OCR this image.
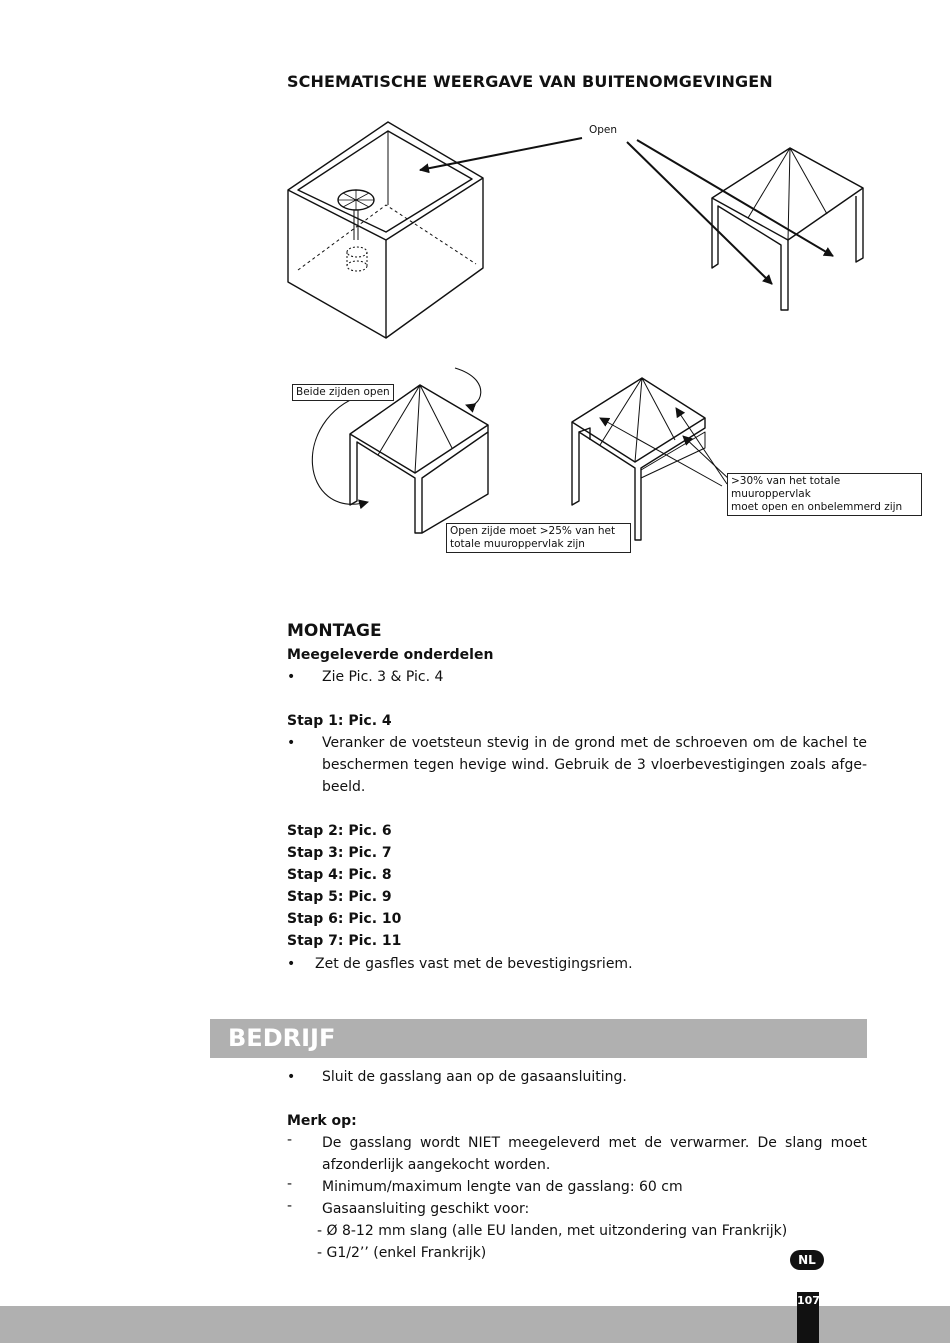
SCHEMATISCHE WEERGAVE VAN BUITENOMGEVINGEN
Open
Beide zijden open
Open zijde moet >25% van het
totale muuroppervlak zijn
>30% van het totale muuroppervlak
moet open en onbelemmerd zijn
MONTAGE
Meegeleverde onderdelen
• Zie Pic. 3 & Pic. 4
Stap 1: Pic. 4
• Veranker de voetsteun stevig in de grond met de schroeven om de kachel te
beschermen tegen hevige wind. Gebruik de 3 vloerbevestigingen zoals afge-
beeld.
Stap 2: Pic. 6
Stap 3: Pic. 7
Stap 4: Pic. 8
Stap 5: Pic. 9
Stap 6: Pic. 10
Stap 7: Pic. 11
• Zet de gasfles vast met de bevestigingsriem.
BEDRIJF
• Sluit de gasslang aan op de gasaansluiting.
Merk op:
- De gasslang wordt NIET meegeleverd met de verwarmer. De slang moet
afzonderlijk aangekocht worden.
- Minimum/maximum lengte van de gasslang: 60 cm
- Gasaansluiting geschikt voor:
- Ø 8-12 mm slang (alle EU landen, met uitzondering van Frankrijk)
- G1/2’’ (enkel Frankrijk)	NL
107
